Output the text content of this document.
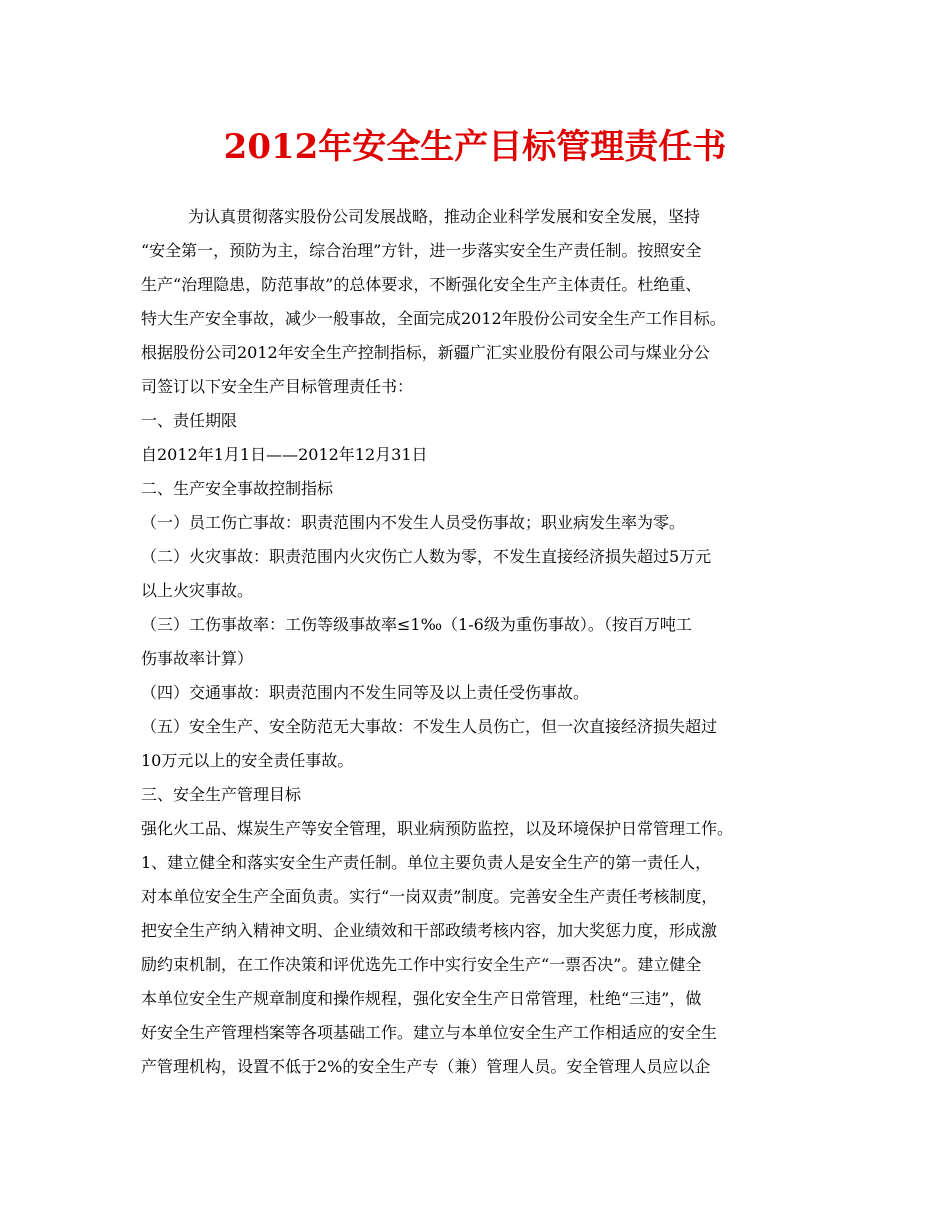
2012年安全生产目标管理责任书

为认真贯彻落实股份公司发展战略，推动企业科学发展和安全发展，坚持

“安全第一，预防为主，综合治理”方针，进一步落实安全生产责任制。按照安全

生产“治理隐患，防范事故”的总体要求，不断强化安全生产主体责任。杜绝重、

特大生产安全事故，减少一般事故，全面完成2012年股份公司安全生产工作目标。

根据股份公司2012年安全生产控制指标，新疆广汇实业股份有限公司与煤业分公

司签订以下安全生产目标管理责任书：

一、责任期限

自2012年1月1日——2012年12月31日

二、生产安全事故控制指标

（一）员工伤亡事故：职责范围内不发生人员受伤事故；职业病发生率为零。

（二）火灾事故：职责范围内火灾伤亡人数为零，不发生直接经济损失超过5万元

以上火灾事故。

（三）工伤事故率：工伤等级事故率≤1‰（1-6级为重伤事故）。（按百万吨工

伤事故率计算）

（四）交通事故：职责范围内不发生同等及以上责任受伤事故。

（五）安全生产、安全防范无大事故：不发生人员伤亡，但一次直接经济损失超过

10万元以上的安全责任事故。

三、安全生产管理目标

强化火工品、煤炭生产等安全管理，职业病预防监控，以及环境保护日常管理工作。

1、建立健全和落实安全生产责任制。单位主要负责人是安全生产的第一责任人，

对本单位安全生产全面负责。实行“一岗双责”制度。完善安全生产责任考核制度，

把安全生产纳入精神文明、企业绩效和干部政绩考核内容，加大奖惩力度，形成激

励约束机制，在工作决策和评优选先工作中实行安全生产“一票否决”。建立健全

本单位安全生产规章制度和操作规程，强化安全生产日常管理，杜绝“三违”，做

好安全生产管理档案等各项基础工作。建立与本单位安全生产工作相适应的安全生

产管理机构，设置不低于2%的安全生产专（兼）管理人员。安全管理人员应以企
